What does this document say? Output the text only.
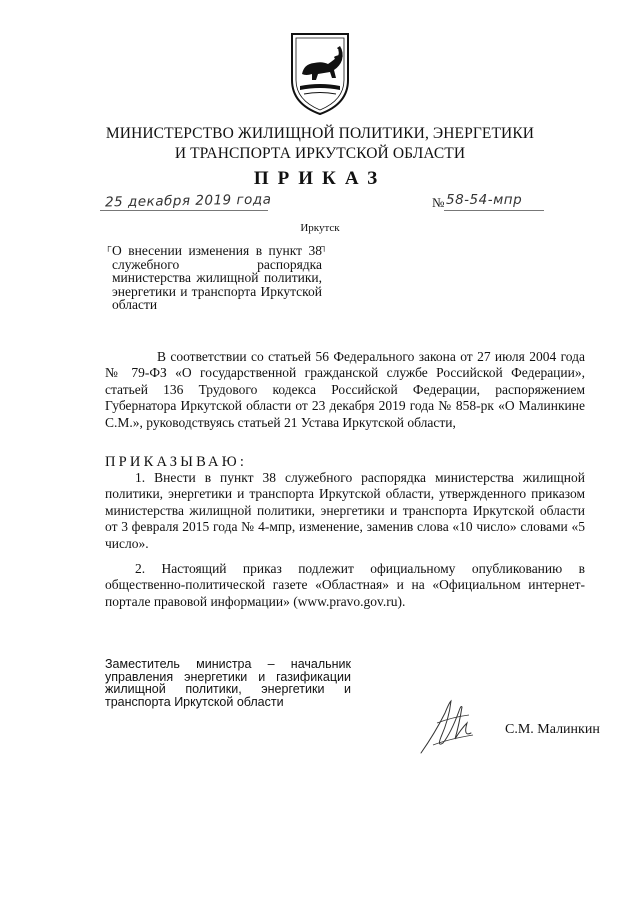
МИНИСТЕРСТВО ЖИЛИЩНОЙ ПОЛИТИКИ, ЭНЕРГЕТИКИ
И ТРАНСПОРТА ИРКУТСКОЙ ОБЛАСТИ
ПРИКАЗ
25 декабря 2019 года	№ 58-54-мпр
Иркутск
┌	┐
О внесении изменения в пункт 38 служебного распорядка министерства жилищной политики, энергетики и транспорта Иркутской области
В соответствии со статьей 56 Федерального закона от 27 июля 2004 года № 79-ФЗ «О государственной гражданской службе Российской Федерации», статьей 136 Трудового кодекса Российской Федерации, распоряжением Губернатора Иркутской области от 23 декабря 2019 года № 858-рк «О Малинкине С.М.», руководствуясь статьей 21 Устава Иркутской области,
ПРИКАЗЫВАЮ:
1. Внести в пункт 38 служебного распорядка министерства жилищной политики, энергетики и транспорта Иркутской области, утвержденного приказом министерства жилищной политики, энергетики и транспорта Иркутской области от 3 февраля 2015 года № 4-мпр, изменение, заменив слова «10 число» словами «5 число».
2. Настоящий приказ подлежит официальному опубликованию в общественно-политической газете «Областная» и на «Официальном интернет-портале правовой информации» (www.pravo.gov.ru).
Заместитель министра – начальник управления энергетики и газификации жилищной политики, энергетики и транспорта Иркутской области
С.М. Малинкин
